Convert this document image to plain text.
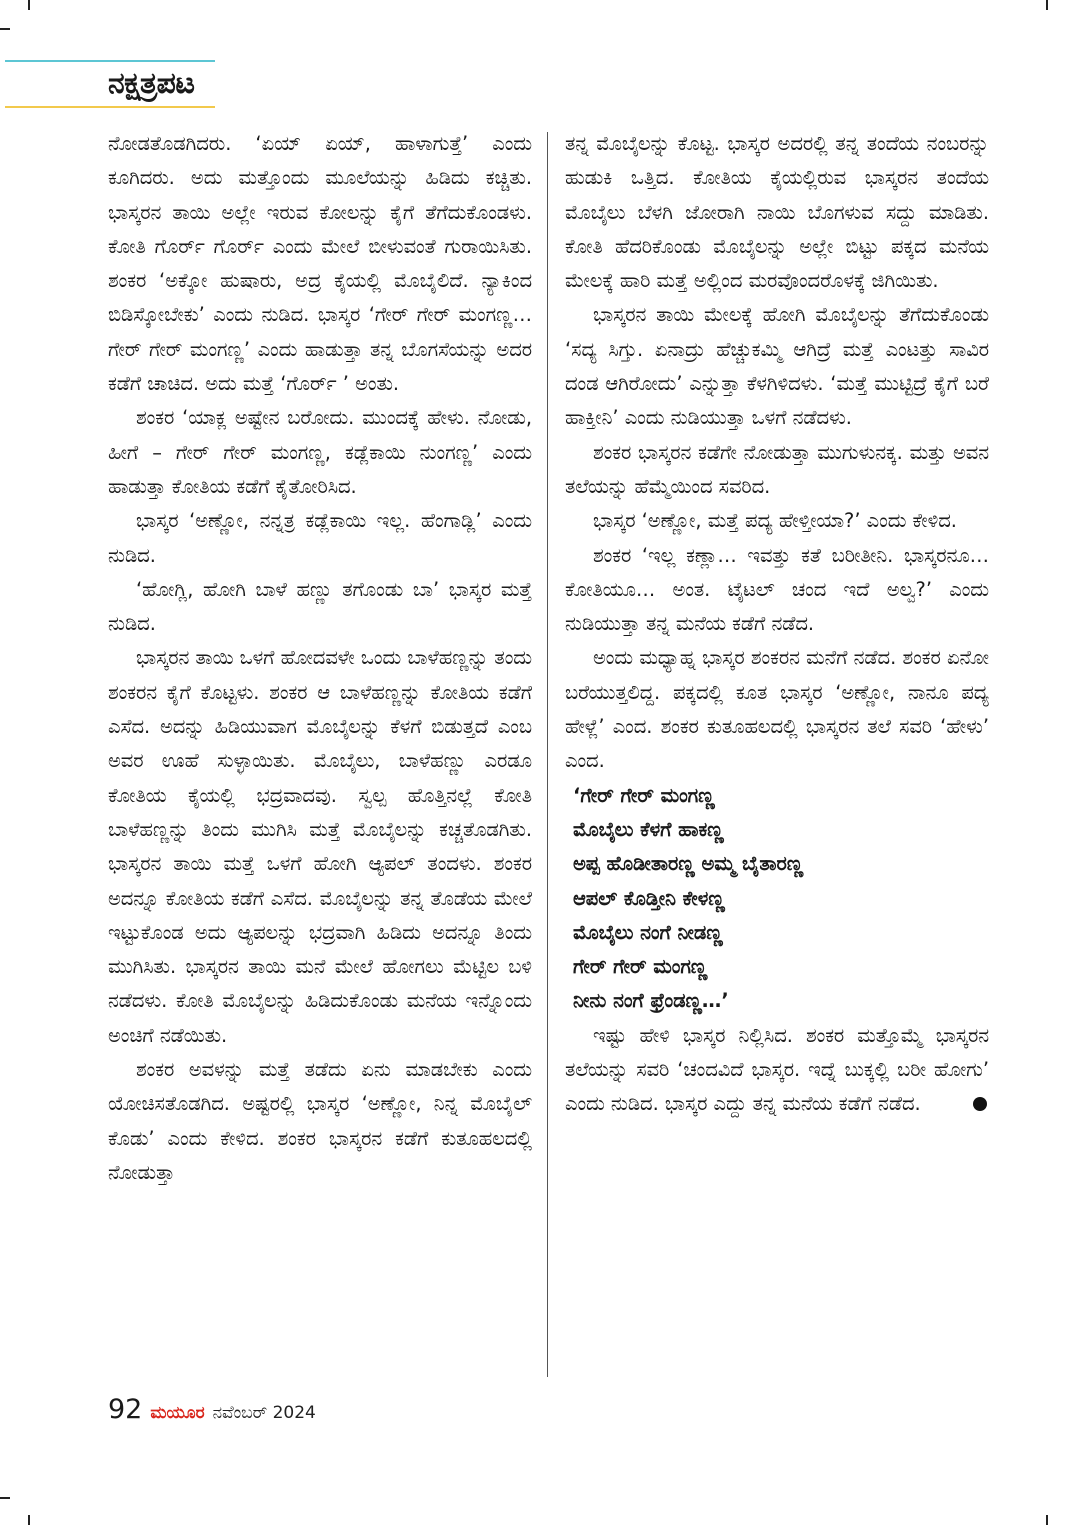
ನಕ್ಷತ್ರಪಟ

ನೋಡತೊಡಗಿದರು. ‘ಏಯ್ ಏಯ್, ಹಾಳಾಗುತ್ತೆ’ ಎಂದು ಕೂಗಿದರು. ಅದು ಮತ್ತೊಂದು ಮೂಲೆಯನ್ನು ಹಿಡಿದು ಕಚ್ಚಿತು. ಭಾಸ್ಕರನ ತಾಯಿ ಅಲ್ಲೇ ಇರುವ ಕೋಲನ್ನು ಕೈಗೆ ತೆಗೆದುಕೊಂಡಳು. ಕೋತಿ ಗೊರ್ರ್ ಗೊರ್ರ್ ಎಂದು ಮೇಲೆ ಬೀಳುವಂತೆ ಗುರಾಯಿಸಿತು. ಶಂಕರ ‘ಅಕ್ಕೋ ಹುಷಾರು, ಅದ್ರ ಕೈಯಲ್ಲಿ ಮೊಬೈಲಿದೆ. ನ್ಯಾಕಿಂದ ಬಿಡಿಸ್ಕೋಬೇಕು’ ಎಂದು ನುಡಿದ. ಭಾಸ್ಕರ ‘ಗೇರ್ ಗೇರ್ ಮಂಗಣ್ಣ… ಗೇರ್ ಗೇರ್ ಮಂಗಣ್ಣ’ ಎಂದು ಹಾಡುತ್ತಾ ತನ್ನ ಬೊಗಸೆಯನ್ನು ಅದರ ಕಡೆಗೆ ಚಾಚಿದ. ಅದು ಮತ್ತೆ ‘ಗೊರ್ರ್ ’ ಅಂತು.

ಶಂಕರ ‘ಯಾಕ್ಲ ಅಷ್ಟೇನ ಬರೋದು. ಮುಂದಕ್ಕೆ ಹೇಳು. ನೋಡು, ಹೀಗೆ – ಗೇರ್ ಗೇರ್ ಮಂಗಣ್ಣ, ಕಡ್ಲೆಕಾಯಿ ನುಂಗಣ್ಣ’ ಎಂದು ಹಾಡುತ್ತಾ ಕೋತಿಯ ಕಡೆಗೆ ಕೈತೋರಿಸಿದ.

ಭಾಸ್ಕರ ‘ಅಣ್ಣೋ, ನನ್ನತ್ರ ಕಡ್ಲೆಕಾಯಿ ಇಲ್ಲ. ಹೆಂಗಾಡ್ಲಿ’ ಎಂದು ನುಡಿದ.

‘ಹೋಗ್ಲಿ, ಹೋಗಿ ಬಾಳೆ ಹಣ್ಣು ತಗೊಂಡು ಬಾ’ ಭಾಸ್ಕರ ಮತ್ತೆ ನುಡಿದ.

ಭಾಸ್ಕರನ ತಾಯಿ ಒಳಗೆ ಹೋದವಳೇ ಒಂದು ಬಾಳೆಹಣ್ಣನ್ನು ತಂದು ಶಂಕರನ ಕೈಗೆ ಕೊಟ್ಟಳು. ಶಂಕರ ಆ ಬಾಳೆಹಣ್ಣನ್ನು ಕೋತಿಯ ಕಡೆಗೆ ಎಸೆದ. ಅದನ್ನು ಹಿಡಿಯುವಾಗ ಮೊಬೈಲನ್ನು ಕೆಳಗೆ ಬಿಡುತ್ತದೆ ಎಂಬ ಅವರ ಊಹೆ ಸುಳ್ಳಾಯಿತು. ಮೊಬೈಲು, ಬಾಳೆಹಣ್ಣು ಎರಡೂ ಕೋತಿಯ ಕೈಯಲ್ಲಿ ಭದ್ರವಾದವು. ಸ್ವಲ್ಪ ಹೊತ್ತಿನಲ್ಲೆ ಕೋತಿ ಬಾಳೆಹಣ್ಣನ್ನು ತಿಂದು ಮುಗಿಸಿ ಮತ್ತೆ ಮೊಬೈಲನ್ನು ಕಚ್ಚತೊಡಗಿತು. ಭಾಸ್ಕರನ ತಾಯಿ ಮತ್ತೆ ಒಳಗೆ ಹೋಗಿ ಆ್ಯಪಲ್ ತಂದಳು. ಶಂಕರ ಅದನ್ನೂ ಕೋತಿಯ ಕಡೆಗೆ ಎಸೆದ. ಮೊಬೈಲನ್ನು ತನ್ನ ತೊಡೆಯ ಮೇಲೆ ಇಟ್ಟುಕೊಂಡ ಅದು ಆ್ಯಪಲನ್ನು ಭದ್ರವಾಗಿ ಹಿಡಿದು ಅದನ್ನೂ ತಿಂದು ಮುಗಿಸಿತು. ಭಾಸ್ಕರನ ತಾಯಿ ಮನೆ ಮೇಲೆ ಹೋಗಲು ಮೆಟ್ಟಿಲ ಬಳಿ ನಡೆದಳು. ಕೋತಿ ಮೊಬೈಲನ್ನು ಹಿಡಿದುಕೊಂಡು ಮನೆಯ ಇನ್ನೊಂದು ಅಂಚಿಗೆ ನಡೆಯಿತು.

ಶಂಕರ ಅವಳನ್ನು ಮತ್ತೆ ತಡೆದು ಏನು ಮಾಡಬೇಕು ಎಂದು ಯೋಚಿಸತೊಡಗಿದ. ಅಷ್ಟರಲ್ಲಿ ಭಾಸ್ಕರ ‘ಅಣ್ಣೋ, ನಿನ್ನ ಮೊಬೈಲ್ ಕೊಡು’ ಎಂದು ಕೇಳಿದ. ಶಂಕರ ಭಾಸ್ಕರನ ಕಡೆಗೆ ಕುತೂಹಲದಲ್ಲಿ ನೋಡುತ್ತಾ

ತನ್ನ ಮೊಬೈಲನ್ನು ಕೊಟ್ಟ. ಭಾಸ್ಕರ ಅದರಲ್ಲಿ ತನ್ನ ತಂದೆಯ ನಂಬರನ್ನು ಹುಡುಕಿ ಒತ್ತಿದ. ಕೋತಿಯ ಕೈಯಲ್ಲಿರುವ ಭಾಸ್ಕರನ ತಂದೆಯ ಮೊಬೈಲು ಬೆಳಗಿ ಜೋರಾಗಿ ನಾಯಿ ಬೊಗಳುವ ಸದ್ದು ಮಾಡಿತು. ಕೋತಿ ಹೆದರಿಕೊಂಡು ಮೊಬೈಲನ್ನು ಅಲ್ಲೇ ಬಿಟ್ಟು ಪಕ್ಕದ ಮನೆಯ ಮೇಲಕ್ಕೆ ಹಾರಿ ಮತ್ತೆ ಅಲ್ಲಿಂದ ಮರವೊಂದರೊಳಕ್ಕೆ ಜಿಗಿಯಿತು.

ಭಾಸ್ಕರನ ತಾಯಿ ಮೇಲಕ್ಕೆ ಹೋಗಿ ಮೊಬೈಲನ್ನು ತೆಗೆದುಕೊಂಡು ‘ಸದ್ಯ ಸಿಗ್ತು. ಏನಾದ್ರು ಹೆಚ್ಚುಕಮ್ಮಿ ಆಗಿದ್ರೆ ಮತ್ತೆ ಎಂಟತ್ತು ಸಾವಿರ ದಂಡ ಆಗಿರೋದು’ ಎನ್ನುತ್ತಾ ಕೆಳಗಿಳಿದಳು. ‘ಮತ್ತೆ ಮುಟ್ಟಿದ್ರೆ ಕೈಗೆ ಬರೆ ಹಾಕ್ತೀನಿ’ ಎಂದು ನುಡಿಯುತ್ತಾ ಒಳಗೆ ನಡೆದಳು.

ಶಂಕರ ಭಾಸ್ಕರನ ಕಡೆಗೇ ನೋಡುತ್ತಾ ಮುಗುಳುನಕ್ಕ. ಮತ್ತು ಅವನ ತಲೆಯನ್ನು ಹೆಮ್ಮೆಯಿಂದ ಸವರಿದ.

ಭಾಸ್ಕರ ‘ಅಣ್ಣೋ, ಮತ್ತೆ ಪದ್ಯ ಹೇಳ್ತೀಯಾ?’ ಎಂದು ಕೇಳಿದ.

ಶಂಕರ ‘ಇಲ್ಲ ಕಣ್ಲಾ… ಇವತ್ತು ಕತೆ ಬರೀತೀನಿ. ಭಾಸ್ಕರನೂ… ಕೋತಿಯೂ… ಅಂತ. ಟೈಟಲ್ ಚಂದ ಇದೆ ಅಲ್ವ?’ ಎಂದು ನುಡಿಯುತ್ತಾ ತನ್ನ ಮನೆಯ ಕಡೆಗೆ ನಡೆದ.

ಅಂದು ಮಧ್ಯಾಹ್ನ ಭಾಸ್ಕರ ಶಂಕರನ ಮನೆಗೆ ನಡೆದ. ಶಂಕರ ಏನೋ ಬರೆಯುತ್ತಲಿದ್ದ. ಪಕ್ಕದಲ್ಲಿ ಕೂತ ಭಾಸ್ಕರ ‘ಅಣ್ಣೋ, ನಾನೂ ಪದ್ಯ ಹೇಳ್ಲೆ’ ಎಂದ. ಶಂಕರ ಕುತೂಹಲದಲ್ಲಿ ಭಾಸ್ಕರನ ತಲೆ ಸವರಿ ‘ಹೇಳು’ ಎಂದ.

‘ಗೇರ್ ಗೇರ್ ಮಂಗಣ್ಣ
ಮೊಬೈಲು ಕೆಳಗೆ ಹಾಕಣ್ಣ
ಅಪ್ಪ ಹೊಡೀತಾರಣ್ಣ ಅಮ್ಮ ಬೈತಾರಣ್ಣ
ಆಪಲ್ ಕೊಡ್ತೀನಿ ಕೇಳಣ್ಣ
ಮೊಬೈಲು ನಂಗೆ ನೀಡಣ್ಣ
ಗೇರ್ ಗೇರ್ ಮಂಗಣ್ಣ
ನೀನು ನಂಗೆ ಫ್ರೆಂಡಣ್ಣ…’

ಇಷ್ಟು ಹೇಳಿ ಭಾಸ್ಕರ ನಿಲ್ಲಿಸಿದ. ಶಂಕರ ಮತ್ತೊಮ್ಮೆ ಭಾಸ್ಕರನ ತಲೆಯನ್ನು ಸವರಿ ‘ಚಂದವಿದೆ ಭಾಸ್ಕರ. ಇದ್ನೆ ಬುಕ್ಕಲ್ಲಿ ಬರೀ ಹೋಗು’ ಎಂದು ನುಡಿದ. ಭಾಸ್ಕರ ಎದ್ದು ತನ್ನ ಮನೆಯ ಕಡೆಗೆ ನಡೆದ.

92 ಮಯೂರ ನವೆಂಬರ್ 2024
